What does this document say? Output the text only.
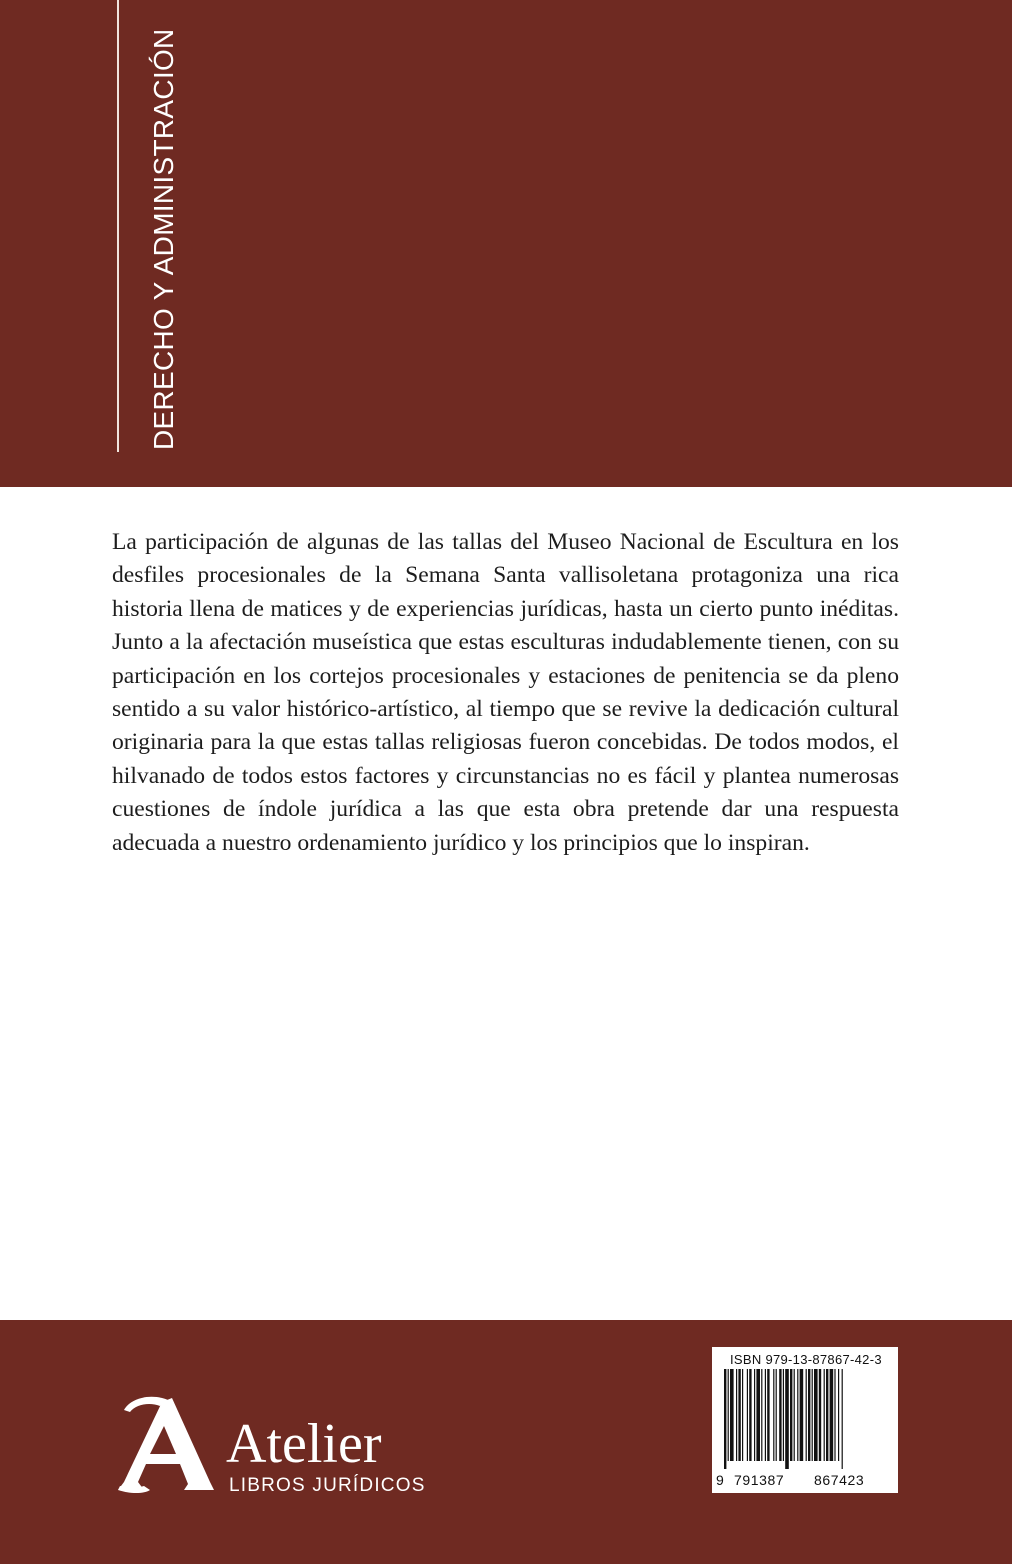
DERECHO Y ADMINISTRACIÓN

La participación de algunas de las tallas del Museo Nacional de Escultura en los desfiles procesionales de la Semana Santa vallisoletana protagoniza una rica historia llena de matices y de experiencias jurídicas, hasta un cierto punto inéditas. Junto a la afectación museística que estas esculturas indudablemente tienen, con su participación en los cortejos procesionales y estaciones de penitencia se da pleno sentido a su valor histórico-artístico, al tiempo que se revive la dedicación cultural originaria para la que estas tallas religiosas fueron concebidas. De todos modos, el hilvanado de todos estos factores y circunstancias no es fácil y plantea numerosas cuestiones de índole jurídica a las que esta obra pretende dar una respuesta adecuada a nuestro ordenamiento jurídico y los principios que lo inspiran.

Atelier
LIBROS JURÍDICOS
ISBN 979-13-87867-42-3
9 791387 867423
